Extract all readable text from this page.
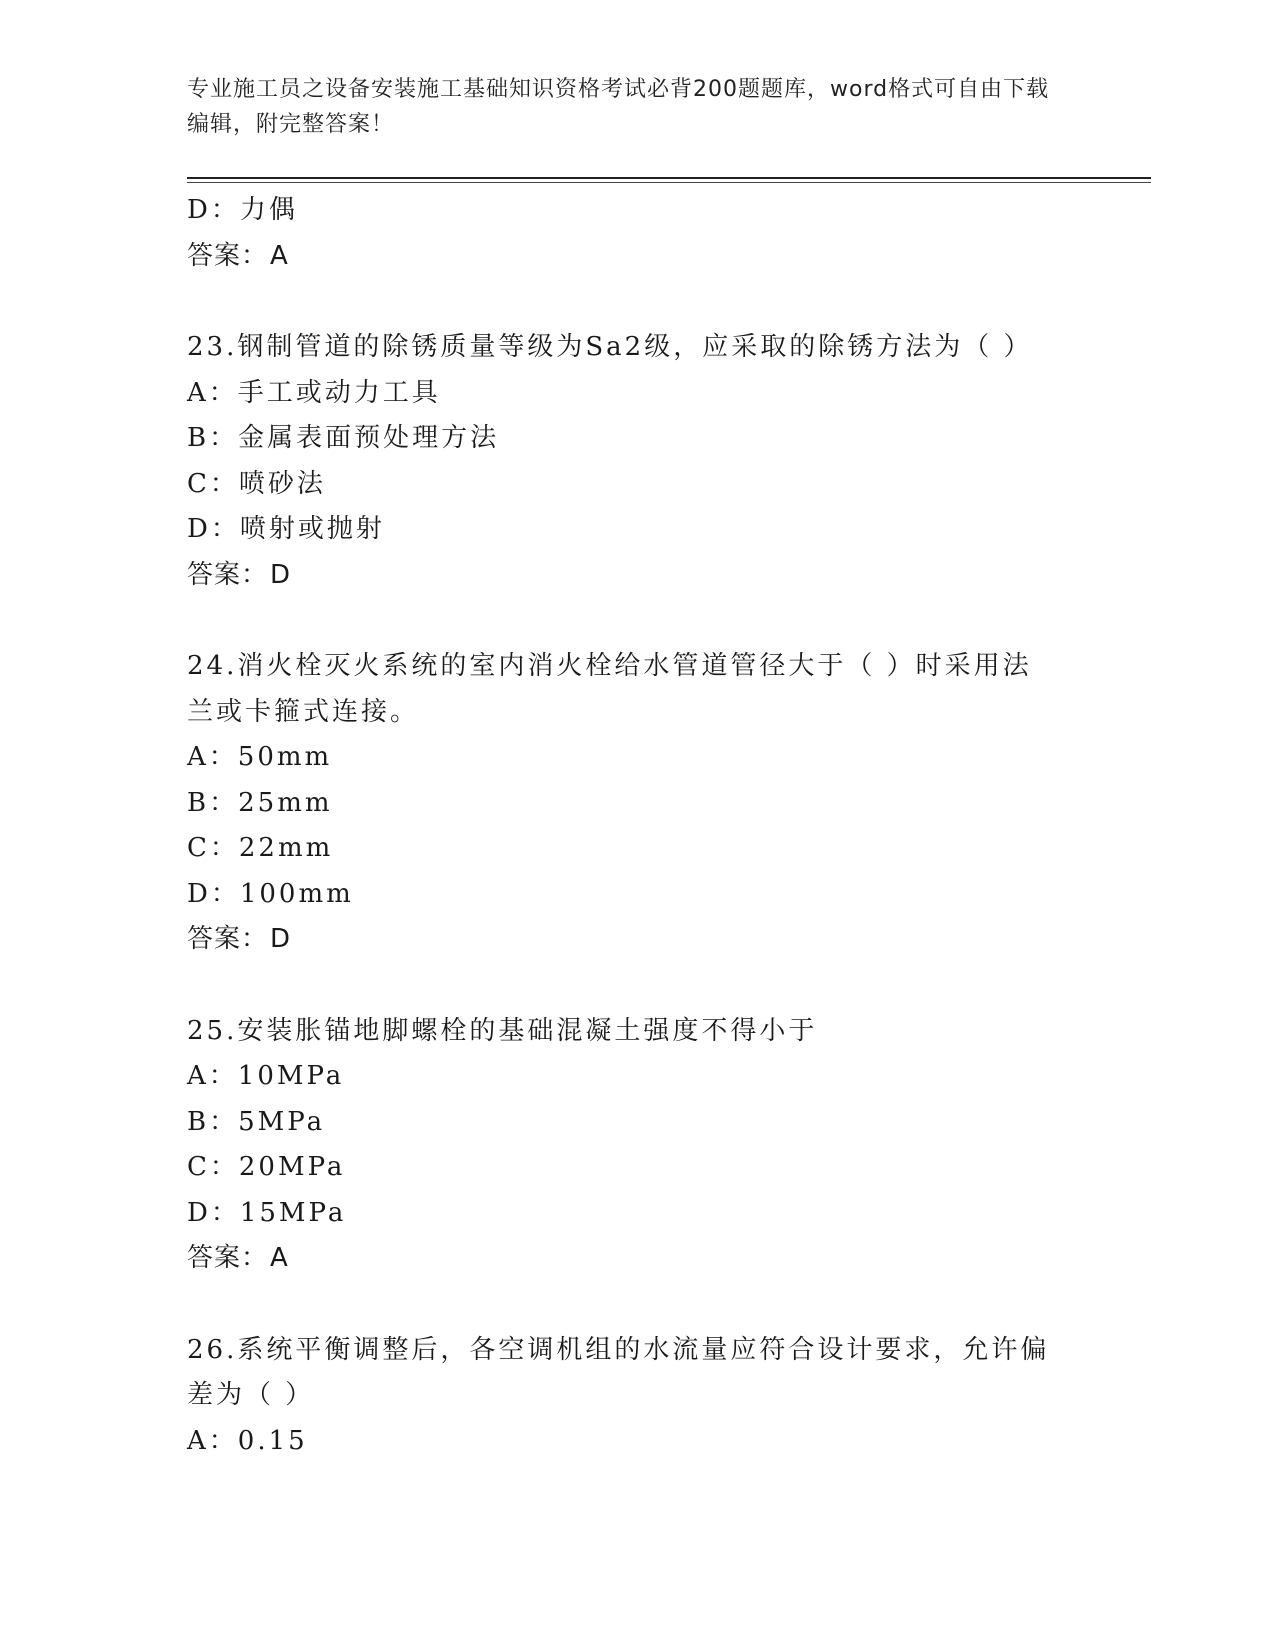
专业施工员之设备安装施工基础知识资格考试必背200题题库，word格式可自由下载编辑，附完整答案！

D：力偶

答案：A

23.钢制管道的除锈质量等级为Sa2级，应采取的除锈方法为（ ）

A：手工或动力工具

B：金属表面预处理方法

C：喷砂法

D：喷射或抛射

答案：D

24.消火栓灭火系统的室内消火栓给水管道管径大于（ ）时采用法兰或卡箍式连接。

A：50mm

B：25mm

C：22mm

D：100mm

答案：D

25.安装胀锚地脚螺栓的基础混凝土强度不得小于

A：10MPa

B：5MPa

C：20MPa

D：15MPa

答案：A

26.系统平衡调整后，各空调机组的水流量应符合设计要求，允许偏差为（ ）

A：0.15
